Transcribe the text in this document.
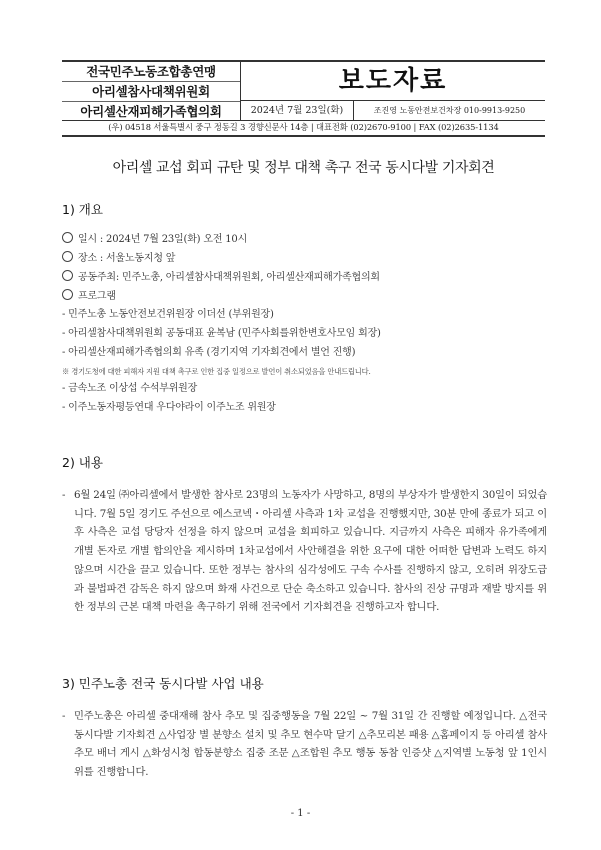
전국민주노동조합총연맹
아리셀참사대책위원회
아리셀산재피해가족협의회
보도자료
2024년 7월 23일(화)	조진영 노동안전보건차장 010-9913-9250
(우) 04518 서울특별시 중구 정동길 3 경향신문사 14층 | 대표전화 (02)2670-9100 | FAX (02)2635-1134
아리셀 교섭 회피 규탄 및 정부 대책 촉구 전국 동시다발 기자회견
1) 개요
일시 : 2024년 7월 23일(화) 오전 10시
장소 : 서울노동지청 앞
공동주최: 민주노총, 아리셀참사대책위원회, 아리셀산재피해가족협의회
프로그램
- 민주노총 노동안전보건위원장 이더선 (부위원장)
- 아리셀참사대책위원회 공동대표 윤복남 (민주사회를위한변호사모임 회장)
- 아리셀산재피해가족협의회 유족 (경기지역 기자회견에서 별언 진행)
※ 경기도청에 대한 피해자 지원 대책 촉구로 인한 집중 일정으로 발언이 취소되었음을 안내드립니다.
- 금속노조 이상섭 수석부위원장
- 이주노동자평등연대 우다야라이 이주노조 위원장
2) 내용
- 6월 24일 ㈜아리셀에서 발생한 참사로 23명의 노동자가 사망하고, 8명의 부상자가 발생한지 30일이 되었습니다. 7월 5일 경기도 주선으로 에스코넥・아리셀 사측과 1차 교섭을 진행했지만, 30분 만에 종료가 되고 이후 사측은 교섭 당당자 선정을 하지 않으며 교섭을 회피하고 있습니다. 지금까지 사측은 피해자 유가족에게 개별 돈자로 개별 합의안을 제시하며 1차교섭에서 사안해결을 위한 요구에 대한 어떠한 답변과 노력도 하지 않으며 시간을 끌고 있습니다. 또한 정부는 참사의 심각성에도 구속 수사를 진행하지 않고, 오히려 위장도급과 불법파견 감독은 하지 않으며 화재 사건으로 단순 축소하고 있습니다. 참사의 진상 규명과 재발 방지를 위한 정부의 근본 대책 마련을 촉구하기 위해 전국에서 기자회견을 진행하고자 합니다.
3) 민주노총 전국 동시다발 사업 내용
- 민주노총은 아리셀 중대재해 참사 추모 및 집중행동을 7월 22일 ~ 7월 31일 간 진행할 예정입니다. △전국 동시다발 기자회견 △사업장 별 분향소 설치 및 추모 현수막 달기 △추모리본 패용 △홈페이지 등 아리셀 참사 추모 배너 게시 △화성시청 합동분향소 집중 조문 △조합원 추모 행동 동참 인증샷 △지역별 노동청 앞 1인시위를 진행합니다.
- 1 -
